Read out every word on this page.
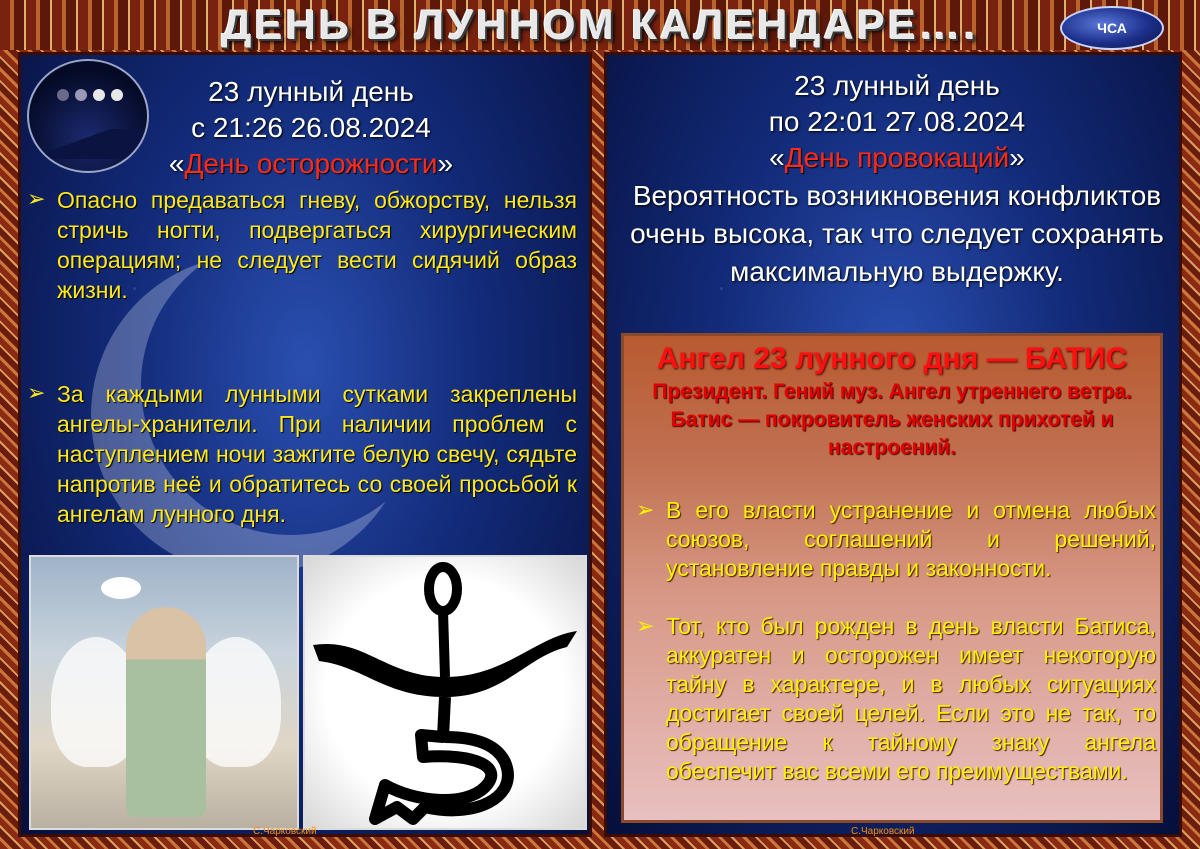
ДЕНЬ В ЛУННОМ КАЛЕНДАРЕ….	ЧСА
23 лунный день
с 21:26 26.08.2024
«День осторожности»
➢ Опасно предаваться гневу, обжорству, нельзя стричь ногти, подвергаться хирургическим операциям; не следует вести сидячий образ жизни.
➢ За каждыми лунными сутками закреплены ангелы-хранители. При наличии проблем с наступлением ночи зажгите белую свечу, сядьте напротив неё и обратитесь со своей просьбой к ангелам лунного дня.
С.Чарковский
23 лунный день
по 22:01 27.08.2024
«День провокаций»
Вероятность возникновения конфликтов очень высока, так что следует сохранять максимальную выдержку.
Ангел 23 лунного дня — БАТИС
Президент. Гений муз. Ангел утреннего ветра. Батис — покровитель женских прихотей и настроений.
➢ В его власти устранение и отмена любых союзов, соглашений и решений, установление правды и законности.
➢ Тот, кто был рожден в день власти Батиса, аккуратен и осторожен имеет некоторую тайну в характере, и в любых ситуациях достигает своей целей. Если это не так, то обращение к тайному знаку ангела обеспечит вас всеми его преимуществами.
С.Чарковский
